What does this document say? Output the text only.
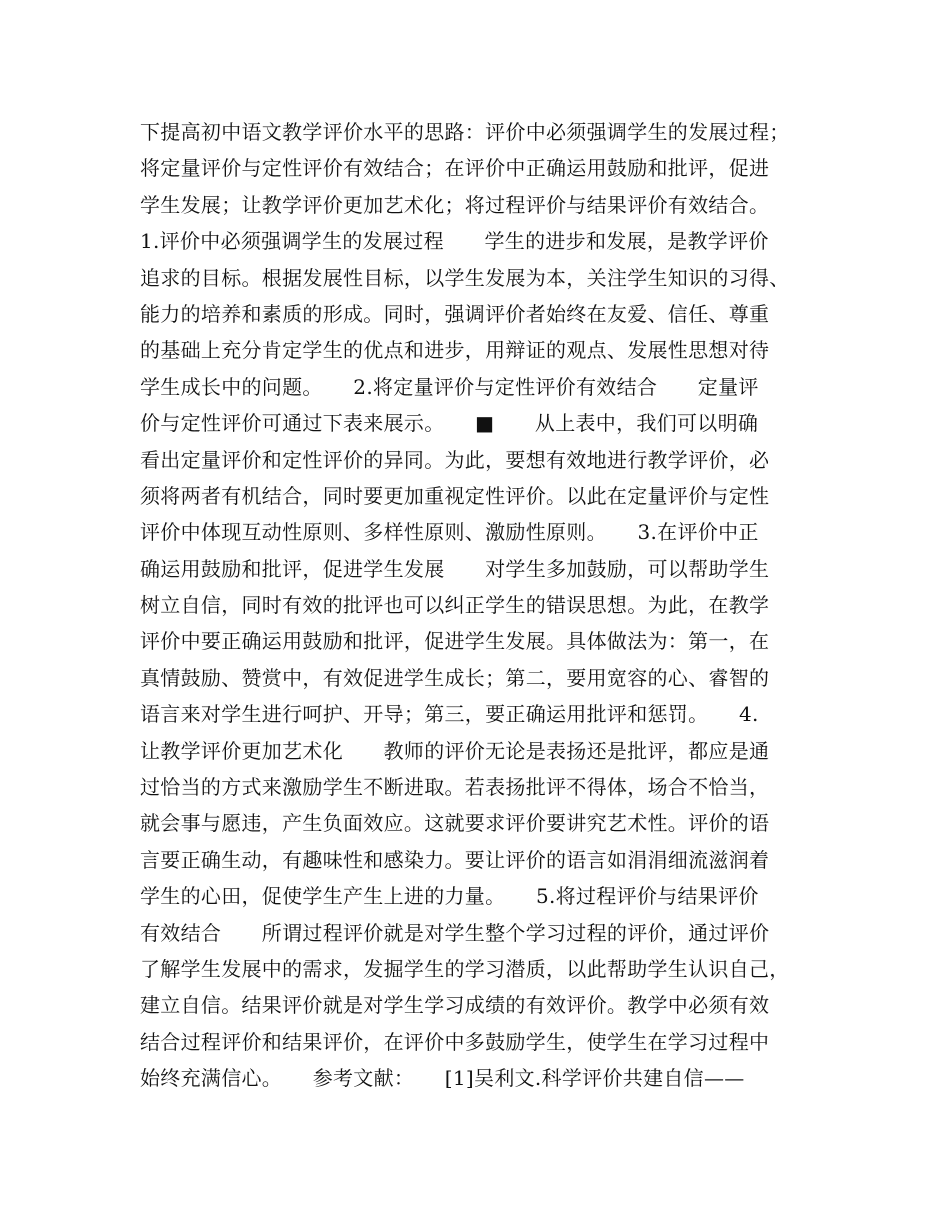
下提高初中语文教学评价水平的思路：评价中必须强调学生的发展过程；
将定量评价与定性评价有效结合；在评价中正确运用鼓励和批评，促进
学生发展；让教学评价更加艺术化；将过程评价与结果评价有效结合。
1.评价中必须强调学生的发展过程　　学生的进步和发展，是教学评价
追求的目标。根据发展性目标，以学生发展为本，关注学生知识的习得、
能力的培养和素质的形成。同时，强调评价者始终在友爱、信任、尊重
的基础上充分肯定学生的优点和进步，用辩证的观点、发展性思想对待
学生成长中的问题。　　2.将定量评价与定性评价有效结合　　定量评
价与定性评价可通过下表来展示。　　■　　从上表中，我们可以明确
看出定量评价和定性评价的异同。为此，要想有效地进行教学评价，必
须将两者有机结合，同时要更加重视定性评价。以此在定量评价与定性
评价中体现互动性原则、多样性原则、激励性原则。　　3.在评价中正
确运用鼓励和批评，促进学生发展　　对学生多加鼓励，可以帮助学生
树立自信，同时有效的批评也可以纠正学生的错误思想。为此，在教学
评价中要正确运用鼓励和批评，促进学生发展。具体做法为：第一，在
真情鼓励、赞赏中，有效促进学生成长；第二，要用宽容的心、睿智的
语言来对学生进行呵护、开导；第三，要正确运用批评和惩罚。　　4.
让教学评价更加艺术化　　教师的评价无论是表扬还是批评，都应是通
过恰当的方式来激励学生不断进取。若表扬批评不得体，场合不恰当，
就会事与愿违，产生负面效应。这就要求评价要讲究艺术性。评价的语
言要正确生动，有趣味性和感染力。要让评价的语言如涓涓细流滋润着
学生的心田，促使学生产生上进的力量。　　5.将过程评价与结果评价
有效结合　　所谓过程评价就是对学生整个学习过程的评价，通过评价
了解学生发展中的需求，发掘学生的学习潜质，以此帮助学生认识自己，
建立自信。结果评价就是对学生学习成绩的有效评价。教学中必须有效
结合过程评价和结果评价，在评价中多鼓励学生，使学生在学习过程中
始终充满信心。　　参考文献：　　[1]吴利文.科学评价共建自信——
